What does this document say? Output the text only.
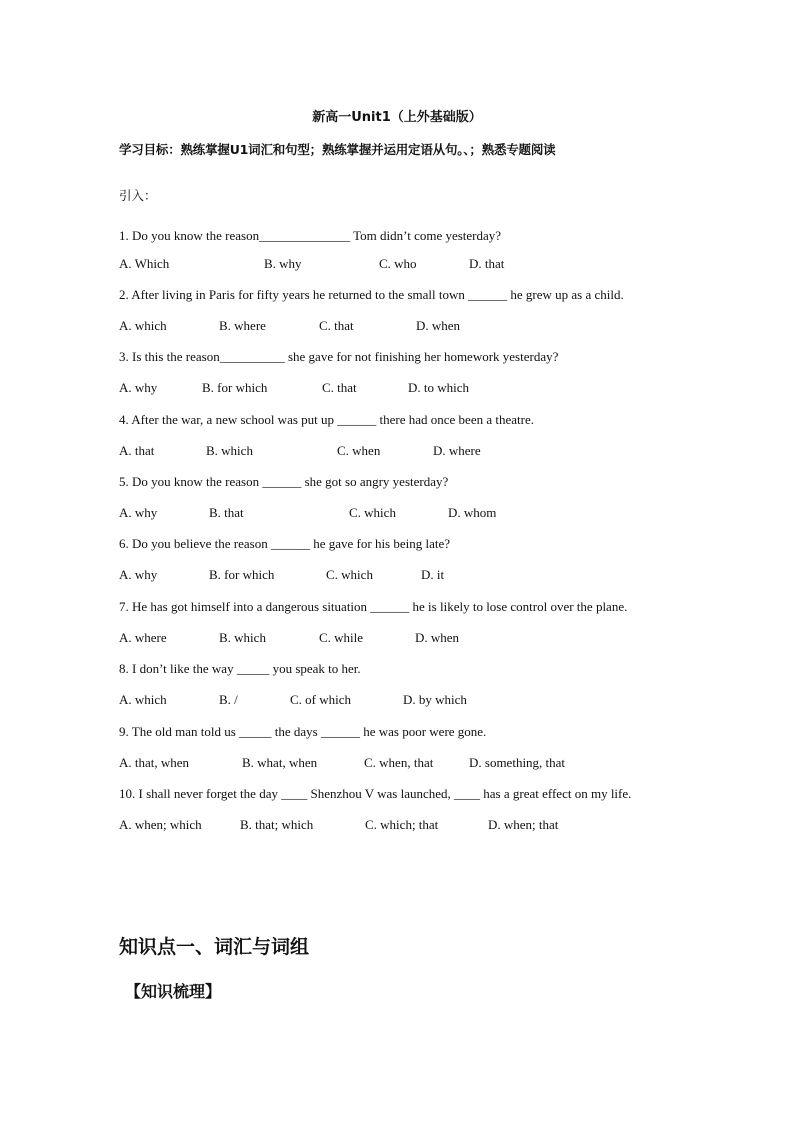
新高一Unit1（上外基础版）
学习目标：熟练掌握U1词汇和句型；熟练掌握并运用定语从句。、；熟悉专题阅读
引入：
1. Do you know the reason______________ Tom didn’t come yesterday?
A. Which	B. why	C. who	D. that
2. After living in Paris for fifty years he returned to the small town ______ he grew up as a child.
A. which	B. where	C. that	D. when
3. Is this the reason__________ she gave for not finishing her homework yesterday?
A. why	B. for which	C. that	D. to which
4. After the war, a new school was put up ______ there had once been a theatre.
A. that	B. which	C. when	D. where
5. Do you know the reason ______ she got so angry yesterday?
A. why	B. that	C. which	D. whom
6. Do you believe the reason ______ he gave for his being late?
A. why	B. for which	C. which	D. it
7. He has got himself into a dangerous situation ______ he is likely to lose control over the plane.
A. where	B. which	C. while	D. when
8. I don’t like the way _____ you speak to her.
A. which	B. /	C. of which	D. by which
9. The old man told us _____ the days ______ he was poor were gone.
A. that, when	B. what, when	C. when, that	D. something, that
10. I shall never forget the day ____ Shenzhou V was launched, ____ has a great effect on my life.
A. when; which	B. that; which	C. which; that	D. when; that
知识点一、词汇与词组
【知识梳理】
